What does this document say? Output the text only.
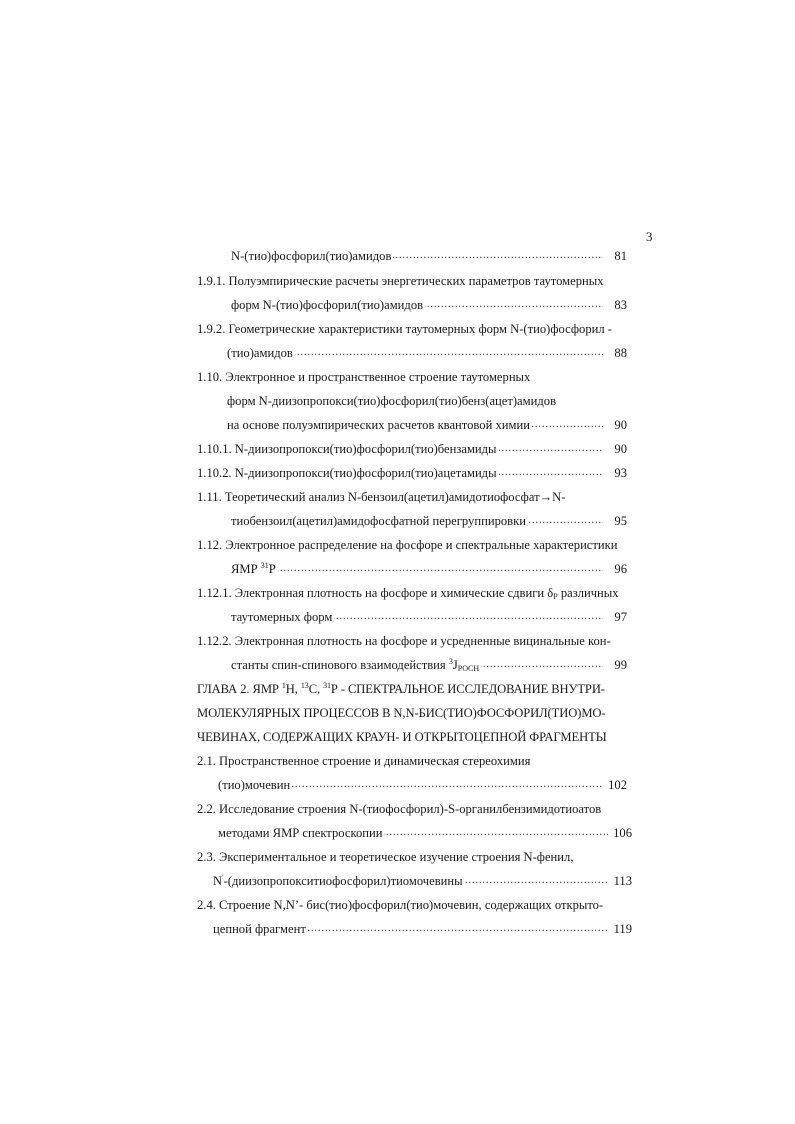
3
.....
N-(тио)фосфорил(тио)амидов	81
1.9.1. Полуэмпирические расчеты энергетических параметров таутомерных
.....
форм N-(тио)фосфорил(тио)амидов	83
1.9.2. Геометрические характеристики таутомерных форм N-(тио)фосфорил -
.....
(тио)амидов	88
1.10. Электронное и пространственное строение таутомерных
форм N-диизопропокси(тио)фосфорил(тио)бенз(ацет)амидов
.....
на основе полуэмпирических расчетов квантовой химии	90
.....
1.10.1. N-диизопропокси(тио)фосфорил(тио)бензамиды	90
.....
1.10.2. N-диизопропокси(тио)фосфорил(тио)ацетамиды	93
1.11. Теоретический анализ N-бензоил(ацетил)амидотиофосфат→N-
.....
тиобензоил(ацетил)амидофосфатной перегруппировки	95
1.12. Электронное распределение на фосфоре и спектральные характеристики
.....
ЯМР $^{31}$Р	96
1.12.1. Электронная плотность на фосфоре и химические сдвиги $\delta_Р$ различных
.....
таутомерных форм	97
1.12.2. Электронная плотность на фосфоре и усредненные вицинальные кон-
.....
станты спин-спинового взаимодействия $^3J_{POCH}$	99
ГЛАВА 2. ЯМР $^1$Н, $^{13}$С, $^{31}$Р - СПЕКТРАЛЬНОЕ ИССЛЕДОВАНИЕ ВНУТРИ-
МОЛЕКУЛЯРНЫХ ПРОЦЕССОВ В N,N-БИС(ТИО)ФОСФОРИЛ(ТИО)МО-
ЧЕВИНАХ, СОДЕРЖАЩИХ КРАУН- И ОТКРЫТОЦЕПНОЙ ФРАГМЕНТЫ
2.1. Пространственное строение и динамическая стереохимия
.....
(тио)мочевин	102
2.2. Исследование строения N-(тиофосфорил)-S-органилбензимидотиоатов
.....
методами ЯМР спектроскопии	106
2.3. Экспериментальное и теоретическое изучение строения N-фенил,
.....
N'-(диизопропокситиофосфорил)тиомочевины	113
2.4. Строение N,N’- бис(тио)фосфорил(тио)мочевин, содержащих открыто-
.....
цепной фрагмент	119
